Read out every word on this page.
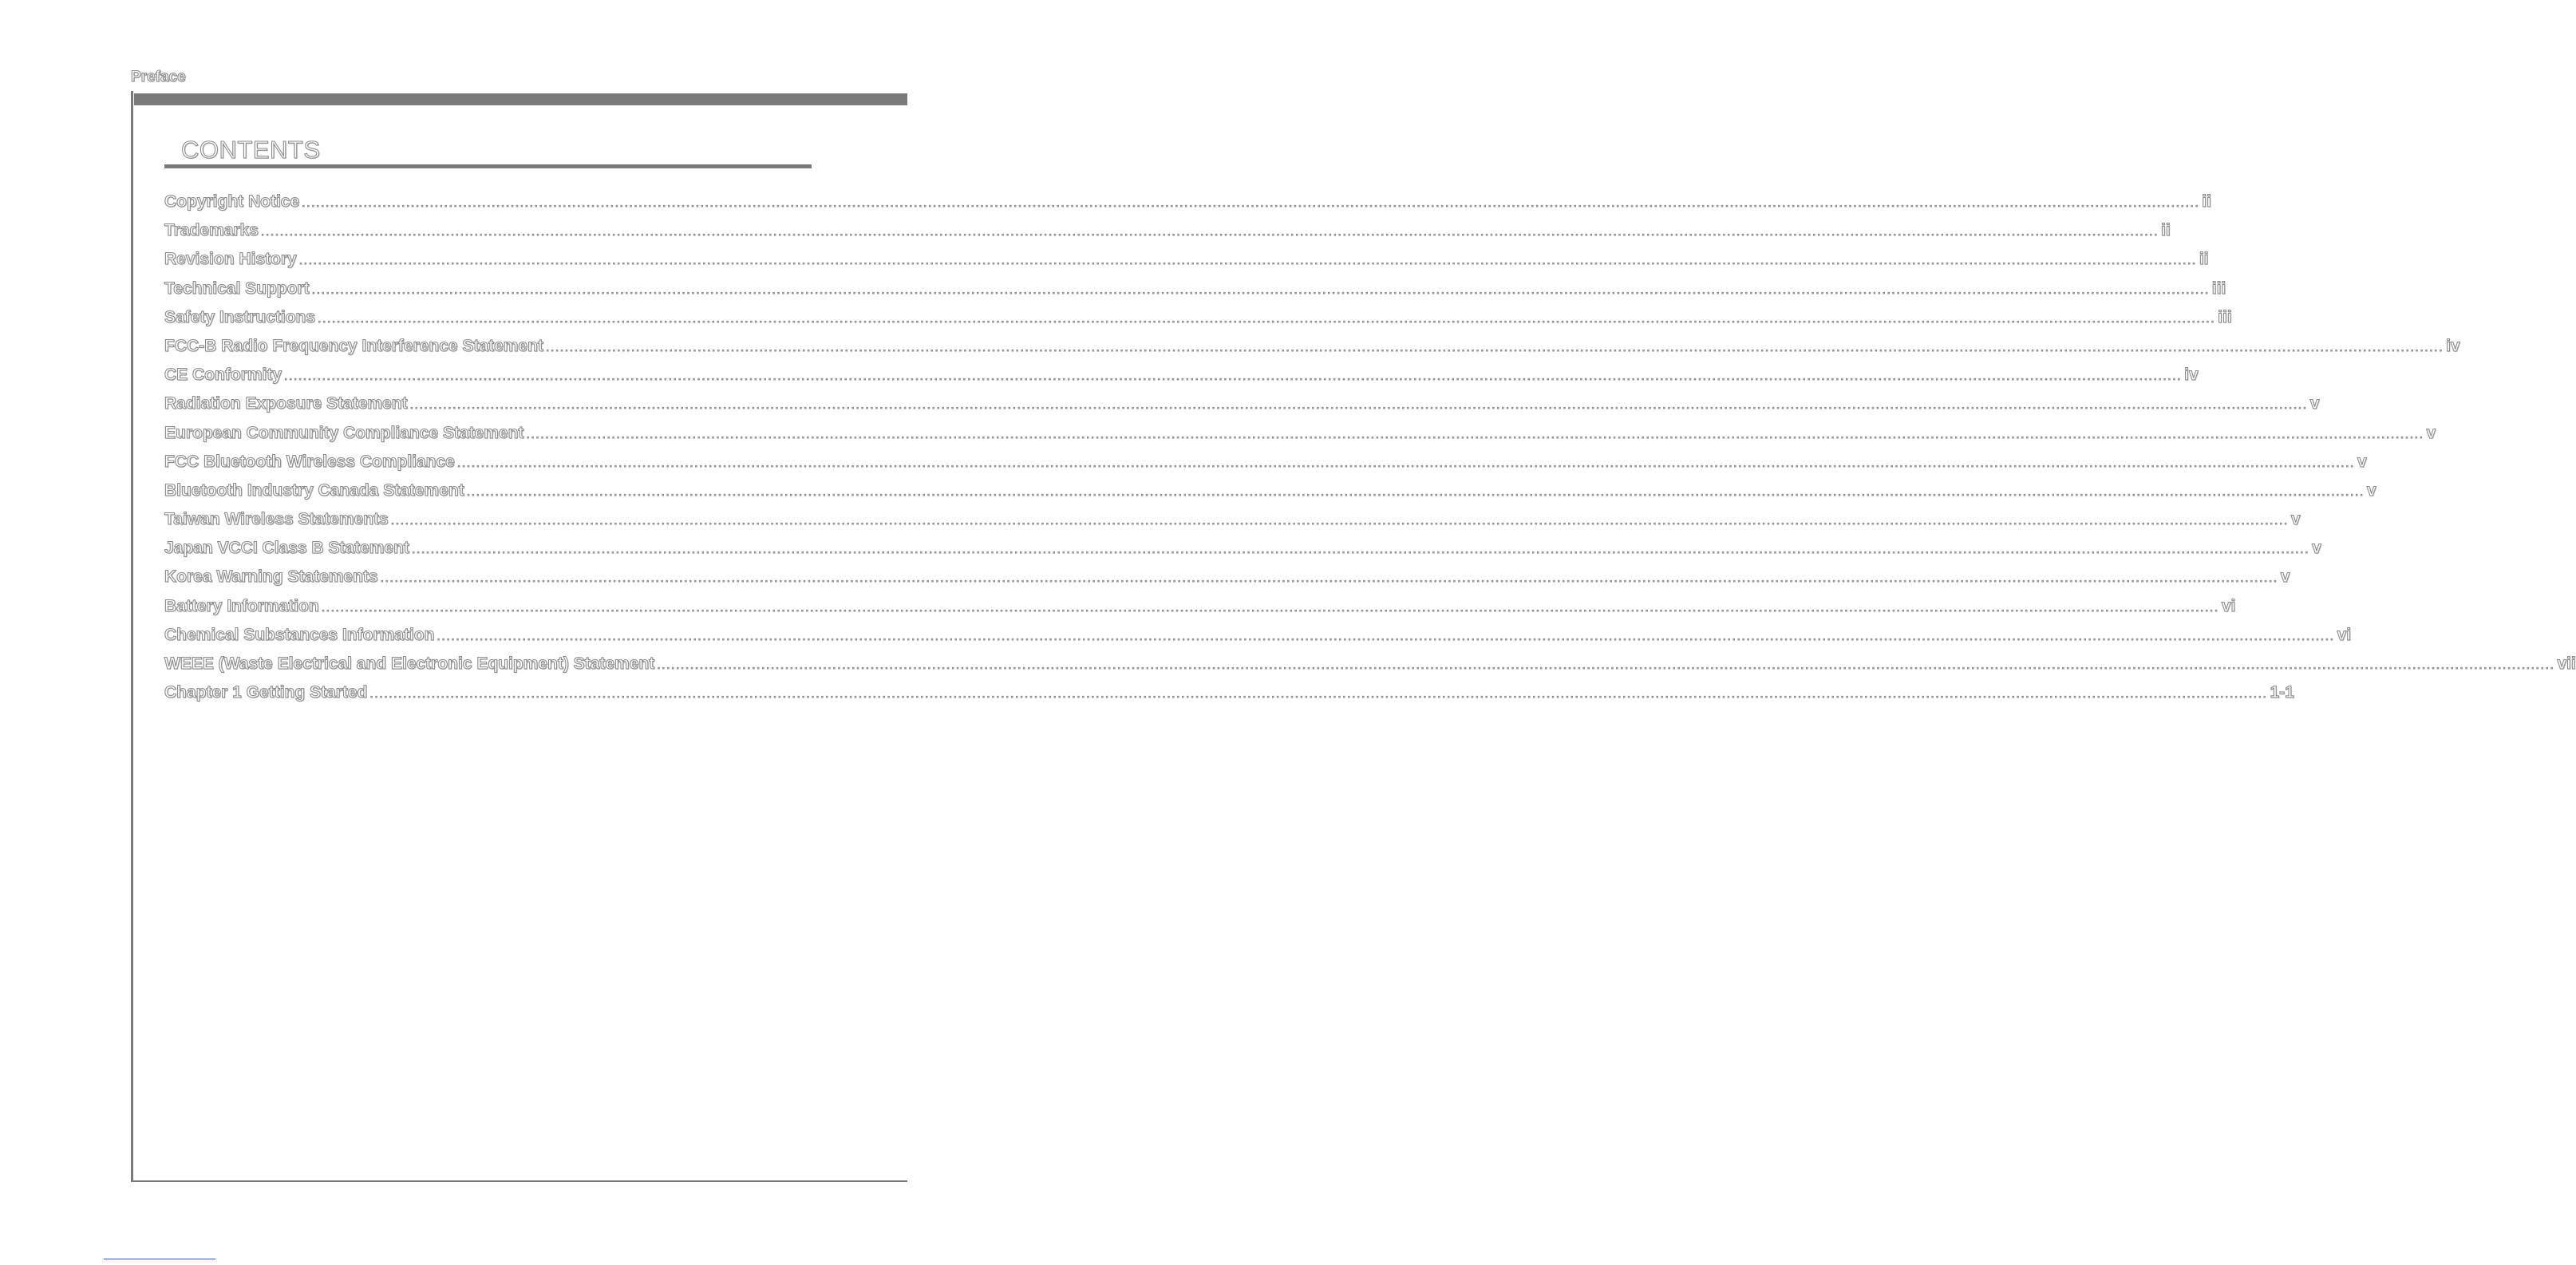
Preface
CONTENTS
Copyright Notice ................................................................................................................................................................................................................................................................................................................................................................................................................ ii
Trademarks ................................................................................................................................................................................................................................................................................................................................................................................................................ ii
Revision History ................................................................................................................................................................................................................................................................................................................................................................................................................ ii
Technical Support ................................................................................................................................................................................................................................................................................................................................................................................................................ iii
Safety Instructions ................................................................................................................................................................................................................................................................................................................................................................................................................ iii
FCC-B Radio Frequency Interference Statement ................................................................................................................................................................................................................................................................................................................................................................................................................ iv
CE Conformity ................................................................................................................................................................................................................................................................................................................................................................................................................ iv
Radiation Exposure Statement ................................................................................................................................................................................................................................................................................................................................................................................................................ v
European Community Compliance Statement ................................................................................................................................................................................................................................................................................................................................................................................................................ v
FCC Bluetooth Wireless Compliance ................................................................................................................................................................................................................................................................................................................................................................................................................ v
Bluetooth Industry Canada Statement ................................................................................................................................................................................................................................................................................................................................................................................................................ v
Taiwan Wireless Statements ................................................................................................................................................................................................................................................................................................................................................................................................................ v
Japan VCCI Class B Statement ................................................................................................................................................................................................................................................................................................................................................................................................................ v
Korea Warning Statements ................................................................................................................................................................................................................................................................................................................................................................................................................ v
Battery Information ................................................................................................................................................................................................................................................................................................................................................................................................................ vi
Chemical Substances Information ................................................................................................................................................................................................................................................................................................................................................................................................................ vi
WEEE (Waste Electrical and Electronic Equipment) Statement ................................................................................................................................................................................................................................................................................................................................................................................................................ vii
Chapter 1 Getting Started ................................................................................................................................................................................................................................................................................................................................................................................................................ 1-1
